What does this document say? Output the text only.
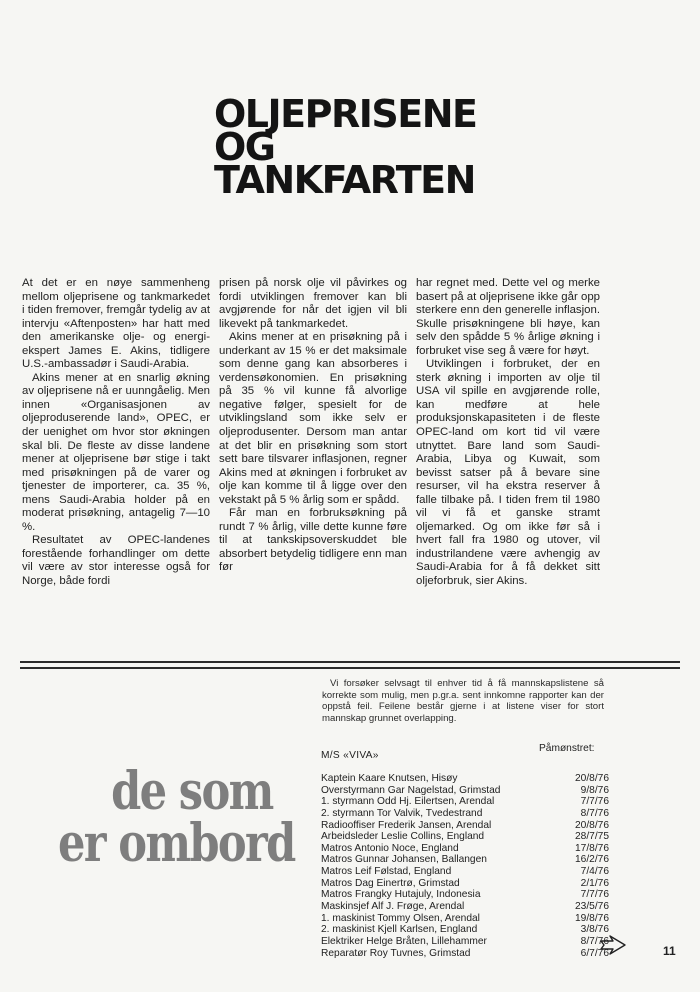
OLJEPRISENE
OG
TANKFARTEN

At det er en nøye sammenheng mellom oljeprisene og tankmarkedet i tiden fremover, fremgår tydelig av at intervju «Aftenposten» har hatt med den amerikanske olje- og energi-ekspert James E. Akins, tidligere U.S.-ambassadør i Saudi-Arabia.

Akins mener at en snarlig økning av oljeprisene nå er uunngåelig. Men innen «Organisasjonen av oljeproduserende land», OPEC, er der uenighet om hvor stor økningen skal bli. De fleste av disse landene mener at oljeprisene bør stige i takt med prisøkningen på de varer og tjenester de importerer, ca. 35 %, mens Saudi-Arabia holder på en moderat prisøkning, antagelig 7—10 %.

Resultatet av OPEC-landenes forestående forhandlinger om dette vil være av stor interesse også for Norge, både fordi

prisen på norsk olje vil påvirkes og fordi utviklingen fremover kan bli avgjørende for når det igjen vil bli likevekt på tankmarkedet.

Akins mener at en prisøkning på i underkant av 15 % er det maksimale som denne gang kan absorberes i verdensøkonomien. En prisøkning på 35 % vil kunne få alvorlige negative følger, spesielt for de utviklingsland som ikke selv er oljeprodusenter. Dersom man antar at det blir en prisøkning som stort sett bare tilsvarer inflasjonen, regner Akins med at økningen i forbruket av olje kan komme til å ligge over den vekstakt på 5 % årlig som er spådd.

Får man en forbruksøkning på rundt 7 % årlig, ville dette kunne føre til at tankskipsoverskuddet ble absorbert betydelig tidligere enn man før

har regnet med. Dette vel og merke basert på at oljeprisene ikke går opp sterkere enn den generelle inflasjon. Skulle prisøkningene bli høye, kan selv den spådde 5 % årlige økning i forbruket vise seg å være for høyt.

Utviklingen i forbruket, der en sterk økning i importen av olje til USA vil spille en avgjørende rolle, kan medføre at hele produksjonskapasiteten i de fleste OPEC-land om kort tid vil være utnyttet. Bare land som Saudi-Arabia, Libya og Kuwait, som bevisst satser på å bevare sine resurser, vil ha ekstra reserver å falle tilbake på. I tiden frem til 1980 vil vi få et ganske stramt oljemarked. Og om ikke før så i hvert fall fra 1980 og utover, vil industrilandene være avhengig av Saudi-Arabia for å få dekket sitt oljeforbruk, sier Akins.

Vi forsøker selvsagt til enhver tid å få mannskapslistene så korrekte som mulig, men p.gr.a. sent innkomne rapporter kan der oppstå feil. Feilene består gjerne i at listene viser for stort mannskap grunnet overlapping.

de som
er ombord
Påmønstret:
M/S «VIVA»
Kaptein Kaare Knutsen, Hisøy	20/8/76
Overstyrmann Gar Nagelstad, Grimstad	9/8/76
1. styrmann Odd Hj. Eilertsen, Arendal	7/7/76
2. styrmann Tor Valvik, Tvedestrand	8/7/76
Radiooffiser Frederik Jansen, Arendal	20/8/76
Arbeidsleder Leslie Collins, England	28/7/75
Matros Antonio Noce, England	17/8/76
Matros Gunnar Johansen, Ballangen	16/2/76
Matros Leif Følstad, England	7/4/76
Matros Dag Einertrø, Grimstad	2/1/76
Matros Frangky Hutajuly, Indonesia	7/7/76
Maskinsjef Alf J. Frøge, Arendal	23/5/76
1. maskinist Tommy Olsen, Arendal	19/8/76
2. maskinist Kjell Karlsen, England	3/8/76
Elektriker Helge Bråten, Lillehammer	8/7/76
Reparatør Roy Tuvnes, Grimstad	6/7/76	11
